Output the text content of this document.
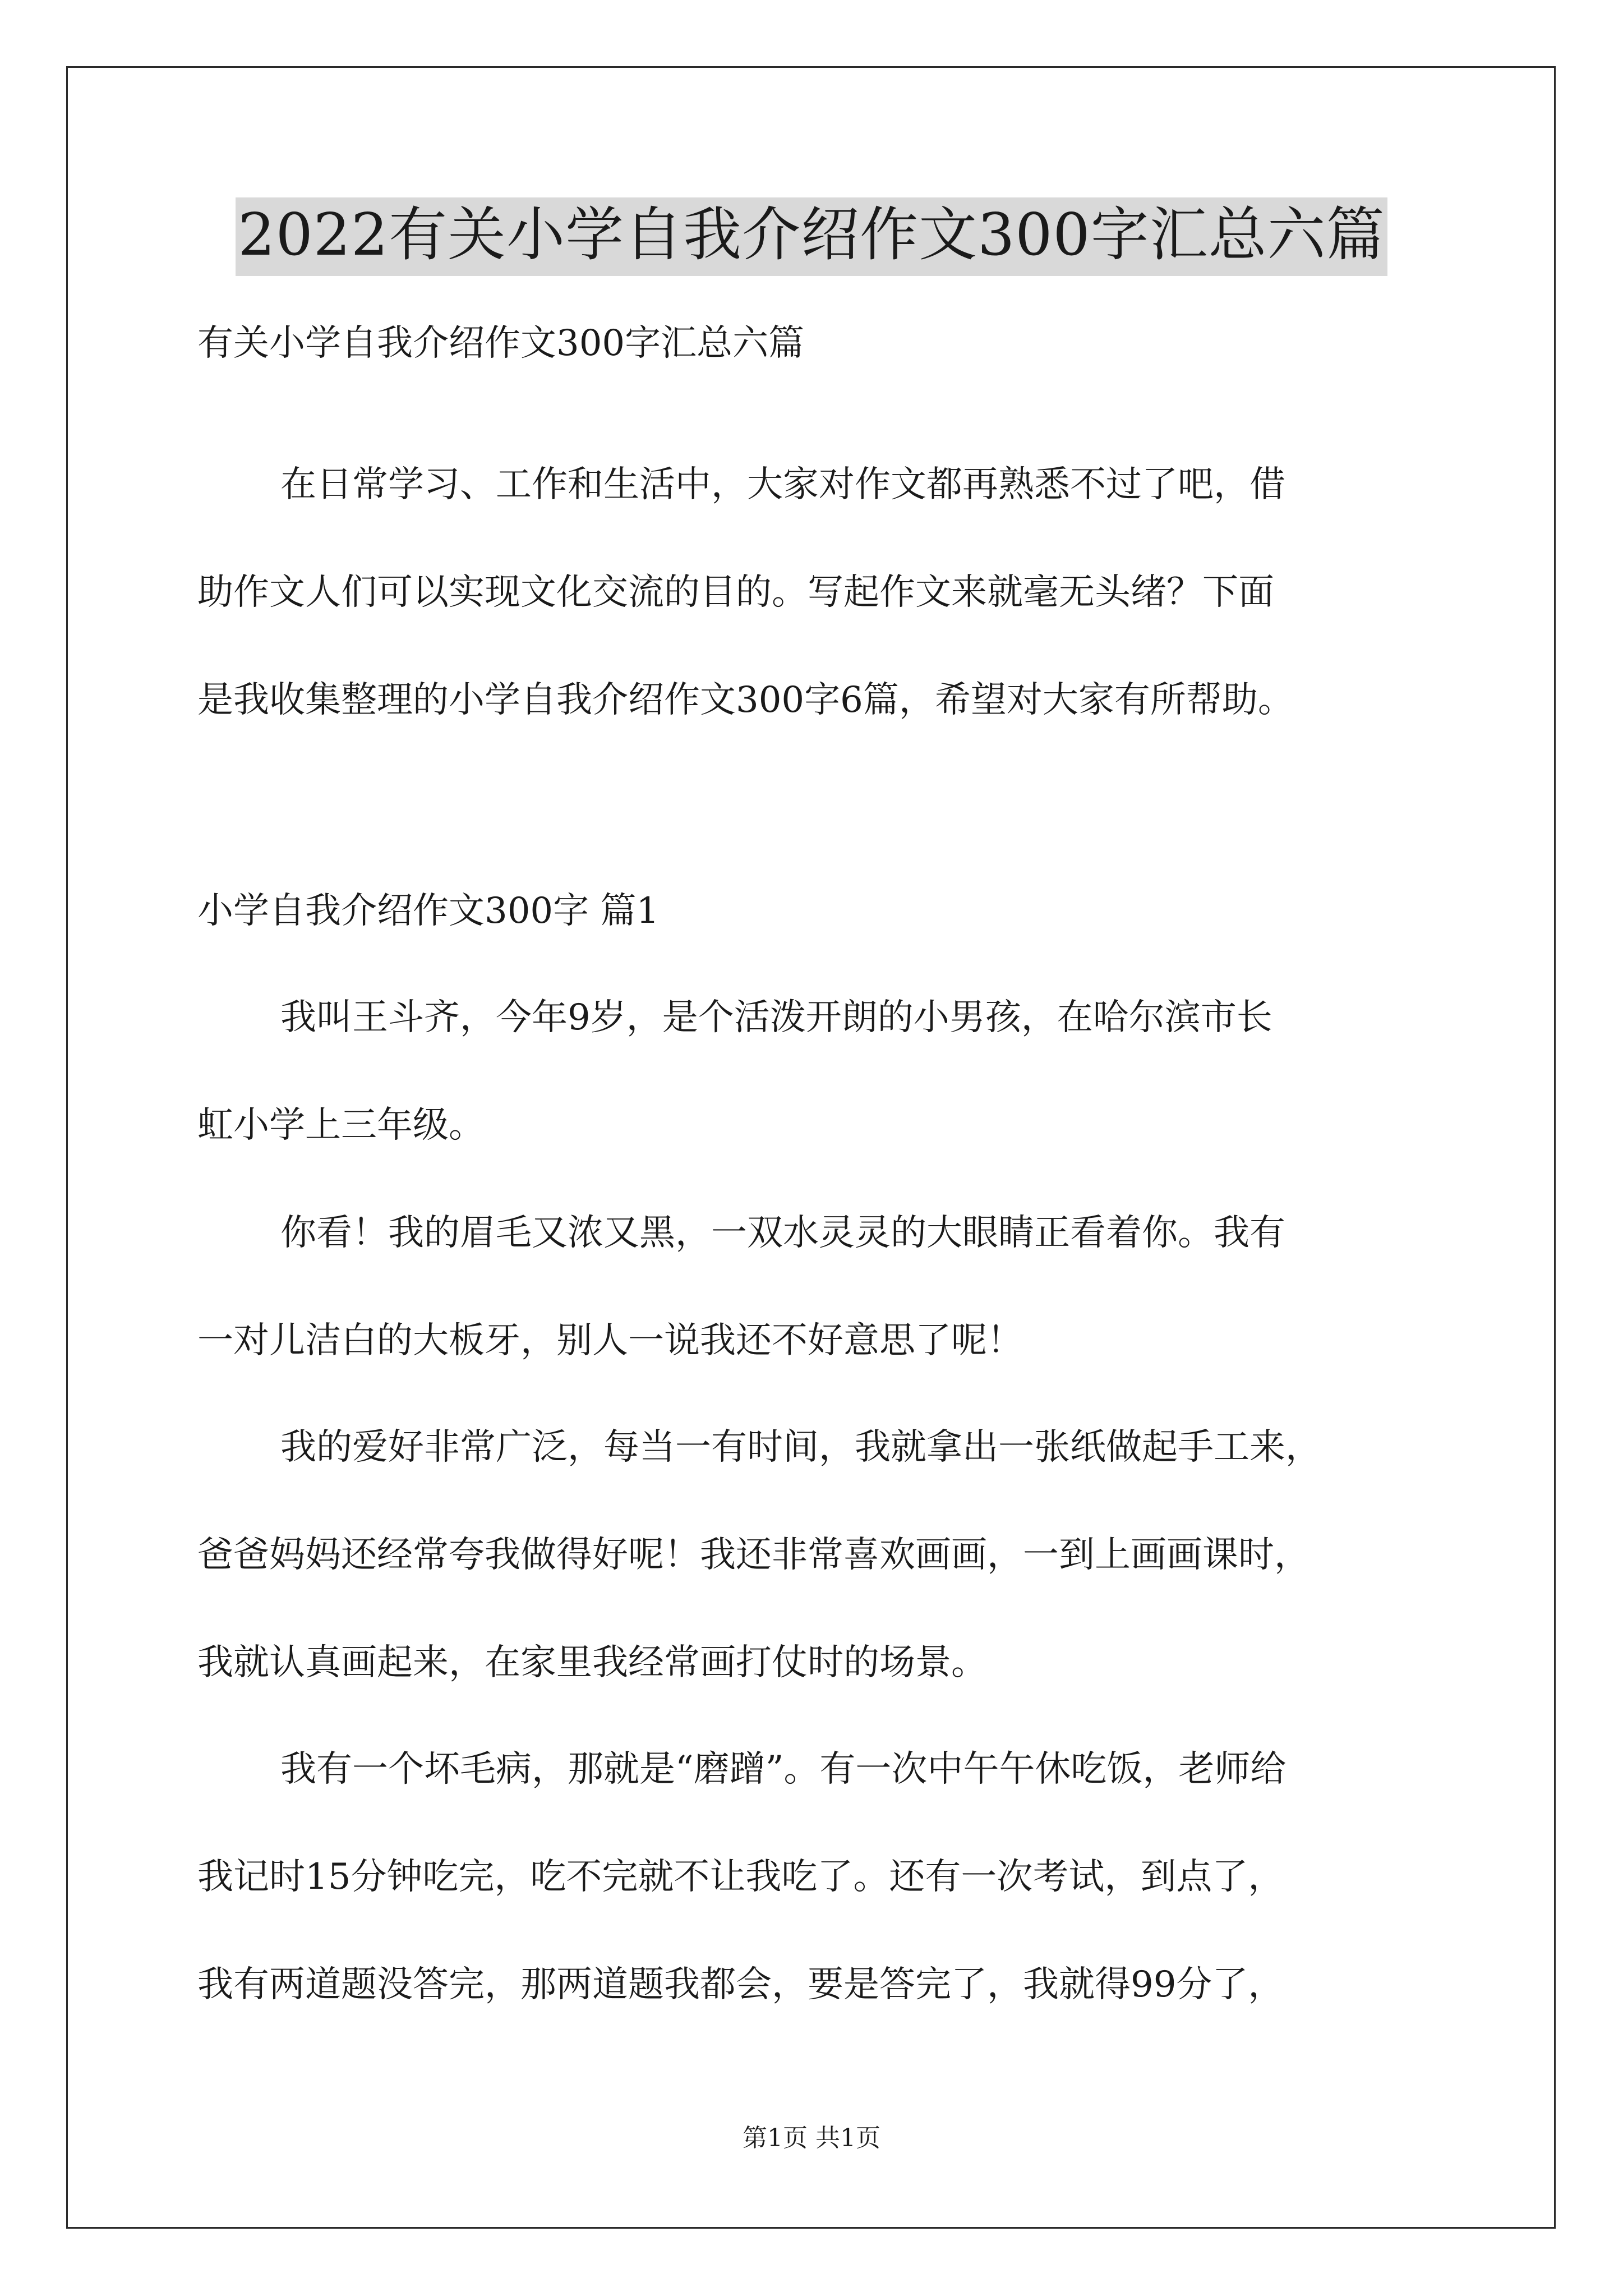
2022有关小学自我介绍作文300字汇总六篇

有关小学自我介绍作文300字汇总六篇

在日常学习、工作和生活中，大家对作文都再熟悉不过了吧，借

助作文人们可以实现文化交流的目的。写起作文来就毫无头绪？下面

是我收集整理的小学自我介绍作文300字6篇，希望对大家有所帮助。

小学自我介绍作文300字 篇1

我叫王斗齐，今年9岁，是个活泼开朗的小男孩，在哈尔滨市长

虹小学上三年级。

你看！我的眉毛又浓又黑，一双水灵灵的大眼睛正看着你。我有

一对儿洁白的大板牙，别人一说我还不好意思了呢！

我的爱好非常广泛，每当一有时间，我就拿出一张纸做起手工来，

爸爸妈妈还经常夸我做得好呢！我还非常喜欢画画，一到上画画课时，

我就认真画起来，在家里我经常画打仗时的场景。

我有一个坏毛病，那就是“磨蹭”。有一次中午午休吃饭，老师给

我记时15分钟吃完，吃不完就不让我吃了。还有一次考试，到点了，

我有两道题没答完，那两道题我都会，要是答完了，我就得99分了，

第1页 共1页
